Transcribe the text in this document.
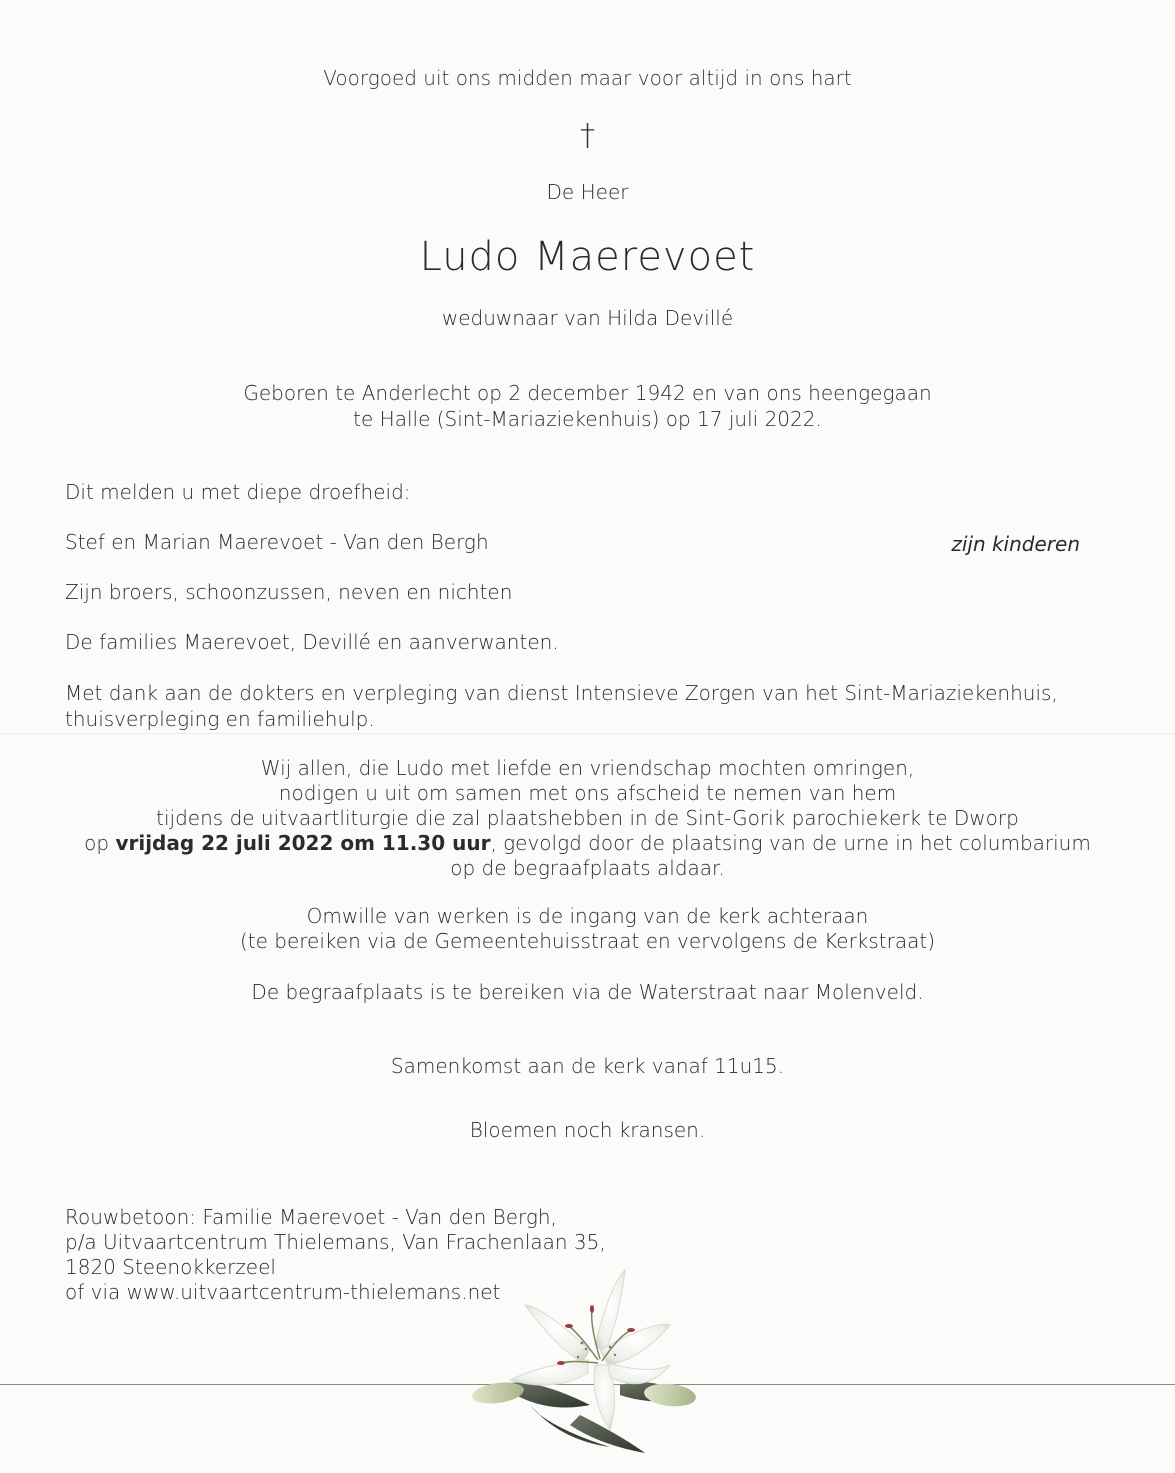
Voorgoed uit ons midden maar voor altijd in ons hart
†
De Heer
Ludo Maerevoet
weduwnaar van Hilda Devillé
Geboren te Anderlecht op 2 december 1942 en van ons heengegaan
te Halle (Sint-Mariaziekenhuis) op 17 juli 2022.
Dit melden u met diepe droefheid:
Stef en Marian Maerevoet - Van den Bergh	zijn kinderen
Zijn broers, schoonzussen, neven en nichten
De families Maerevoet, Devillé en aanverwanten.
Met dank aan de dokters en verpleging van dienst Intensieve Zorgen van het Sint-Mariaziekenhuis,
thuisverpleging en familiehulp.
Wij allen, die Ludo met liefde en vriendschap mochten omringen,
nodigen u uit om samen met ons afscheid te nemen van hem
tijdens de uitvaartliturgie die zal plaatshebben in de Sint-Gorik parochiekerk te Dworp
op vrijdag 22 juli 2022 om 11.30 uur, gevolgd door de plaatsing van de urne in het columbarium
op de begraafplaats aldaar.
Omwille van werken is de ingang van de kerk achteraan
(te bereiken via de Gemeentehuisstraat en vervolgens de Kerkstraat)
De begraafplaats is te bereiken via de Waterstraat naar Molenveld.
Samenkomst aan de kerk vanaf 11u15.
Bloemen noch kransen.
Rouwbetoon: Familie Maerevoet - Van den Bergh,
p/a Uitvaartcentrum Thielemans, Van Frachenlaan 35,
1820 Steenokkerzeel
of via www.uitvaartcentrum-thielemans.net
